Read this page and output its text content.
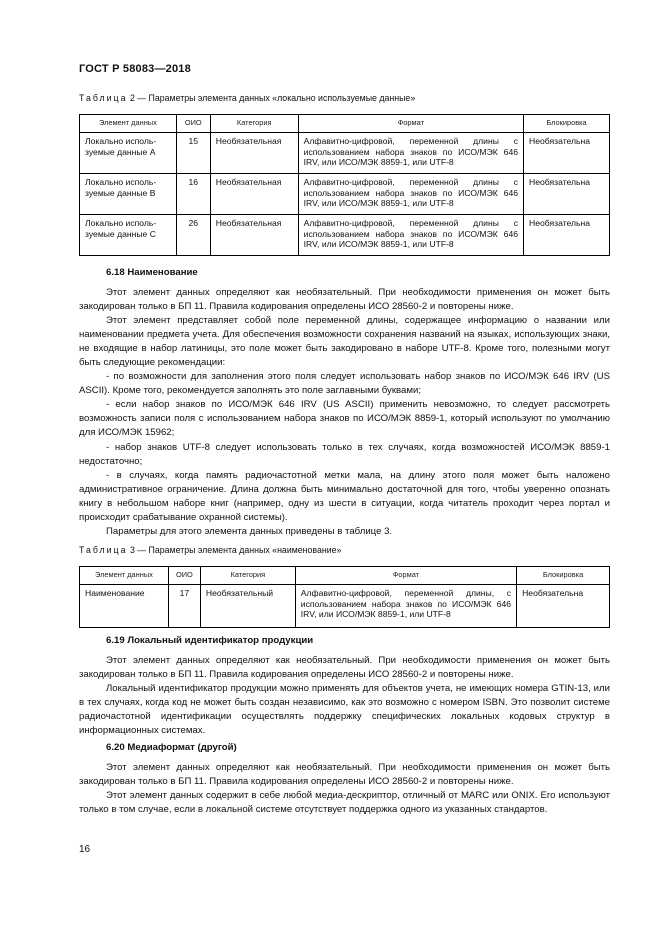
ГОСТ Р 58083—2018
Таблица 2 — Параметры элемента данных «локально используемые данные»
Элемент данных	ОИО	Категория	Формат	Блокировка
Локально исполь-зуемые данные А	15	Необязательная	Алфавитно-цифровой, переменной длины с использованием набора знаков по ИСО/МЭК 646 IRV, или ИСО/МЭК 8859-1, или UTF-8	Необязательна
Локально исполь-зуемые данные В	16	Необязательная	Алфавитно-цифровой, переменной длины с использованием набора знаков по ИСО/МЭК 646 IRV, или ИСО/МЭК 8859-1, или UTF-8	Необязательна
Локально исполь-зуемые данные С	26	Необязательная	Алфавитно-цифровой, переменной длины с использованием набора знаков по ИСО/МЭК 646 IRV, или ИСО/МЭК 8859-1, или UTF-8	Необязательна
6.18 Наименование

Этот элемент данных определяют как необязательный. При необходимости применения он может быть закодирован только в БП 11. Правила кодирования определены ИСО 28560-2 и повторены ниже.

Этот элемент представляет собой поле переменной длины, содержащее информацию о названии или наименовании предмета учета. Для обеспечения возможности сохранения названий на языках, использующих знаки, не входящие в набор латиницы, это поле может быть закодировано в наборе UTF-8. Кроме того, полезными могут быть следующие рекомендации:

- по возможности для заполнения этого поля следует использовать набор знаков по ИСО/МЭК 646 IRV (US ASCII). Кроме того, рекомендуется заполнять это поле заглавными буквами;

- если набор знаков по ИСО/МЭК 646 IRV (US ASCII) применить невозможно, то следует рассмотреть возможность записи поля с использованием набора знаков по ИСО/МЭК 8859-1, который используют по умолчанию для ИСО/МЭК 15962;

- набор знаков UTF-8 следует использовать только в тех случаях, когда возможностей ИСО/МЭК 8859-1 недостаточно;

- в случаях, когда память радиочастотной метки мала, на длину этого поля может быть наложено административное ограничение. Длина должна быть минимально достаточной для того, чтобы уверенно опознать книгу в небольшом наборе книг (например, одну из шести в ситуации, когда читатель проходит через портал и происходит срабатывание охранной системы).

Параметры для этого элемента данных приведены в таблице 3.

Таблица 3 — Параметры элемента данных «наименование»
Элемент данных	ОИО	Категория	Формат	Блокировка
Наименование	17	Необязательный	Алфавитно-цифровой, переменной длины, с использованием набора знаков по ИСО/МЭК 646 IRV, или ИСО/МЭК 8859-1, или UTF-8	Необязательна
6.19 Локальный идентификатор продукции

Этот элемент данных определяют как необязательный. При необходимости применения он может быть закодирован только в БП 11. Правила кодирования определены ИСО 28560-2 и повторены ниже.

Локальный идентификатор продукции можно применять для объектов учета, не имеющих номера GTIN-13, или в тех случаях, когда код не может быть создан независимо, как это возможно с номером ISBN. Это позволит системе радиочастотной идентификации осуществлять поддержку специфических локальных кодовых структур в информационных системах.

6.20 Медиаформат (другой)

Этот элемент данных определяют как необязательный. При необходимости применения он может быть закодирован только в БП 11. Правила кодирования определены ИСО 28560-2 и повторены ниже.

Этот элемент данных содержит в себе любой медиа-дескриптор, отличный от MARC или ONIX. Его используют только в том случае, если в локальной системе отсутствует поддержка одного из указанных стандартов.

16
